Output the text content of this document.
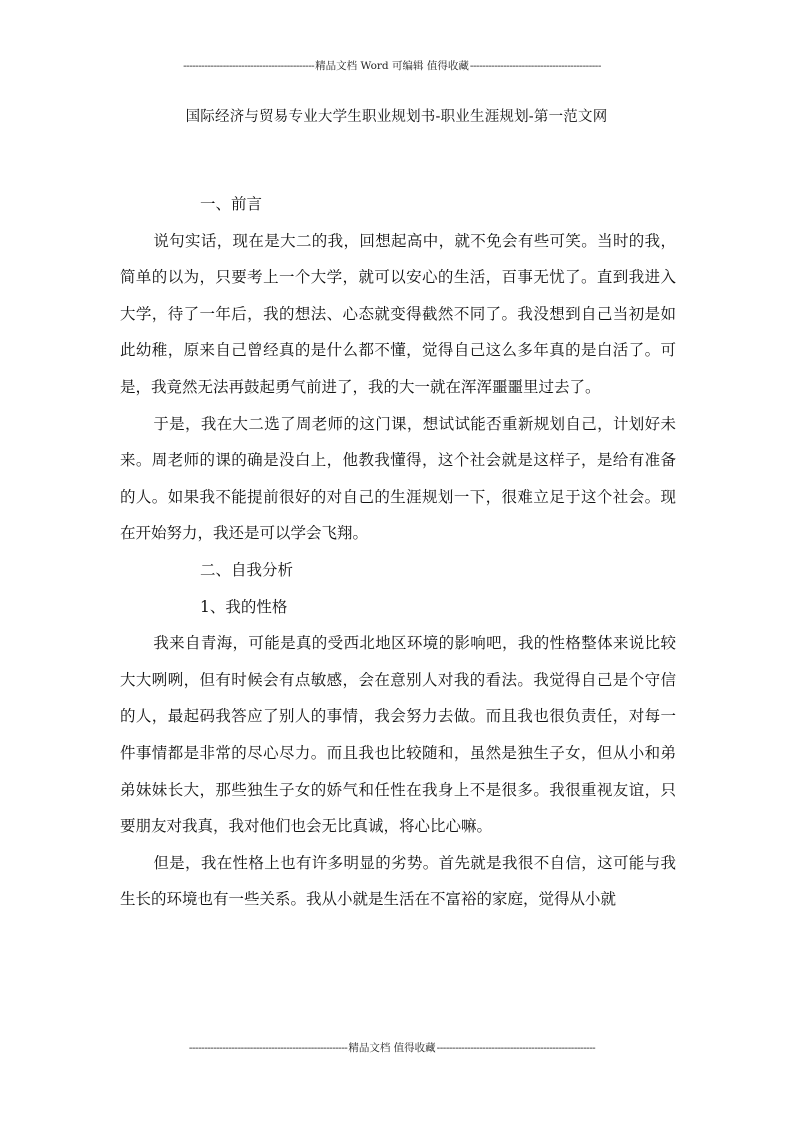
-------------------------------------------精品文档 Word 可编辑 值得收藏-------------------------------------------
国际经济与贸易专业大学生职业规划书-职业生涯规划-第一范文网

一、前言

说句实话，现在是大二的我，回想起高中，就不免会有些可笑。当时的我，简单的以为，只要考上一个大学，就可以安心的生活，百事无忧了。直到我进入大学，待了一年后，我的想法、心态就变得截然不同了。我没想到自己当初是如此幼稚，原来自己曾经真的是什么都不懂，觉得自己这么多年真的是白活了。可是，我竟然无法再鼓起勇气前进了，我的大一就在浑浑噩噩里过去了。

于是，我在大二选了周老师的这门课，想试试能否重新规划自己，计划好未来。周老师的课的确是没白上，他教我懂得，这个社会就是这样子，是给有准备的人。如果我不能提前很好的对自己的生涯规划一下，很难立足于这个社会。现在开始努力，我还是可以学会飞翔。

二、自我分析

1、我的性格

我来自青海，可能是真的受西北地区环境的影响吧，我的性格整体来说比较大大咧咧，但有时候会有点敏感，会在意别人对我的看法。我觉得自己是个守信的人，最起码我答应了别人的事情，我会努力去做。而且我也很负责任，对每一件事情都是非常的尽心尽力。而且我也比较随和，虽然是独生子女，但从小和弟弟妹妹长大，那些独生子女的娇气和任性在我身上不是很多。我很重视友谊，只要朋友对我真，我对他们也会无比真诚，将心比心嘛。

但是，我在性格上也有许多明显的劣势。首先就是我很不自信，这可能与我生长的环境也有一些关系。我从小就是生活在不富裕的家庭，觉得从小就

----------------------------------------------------精品文档 值得收藏----------------------------------------------------
